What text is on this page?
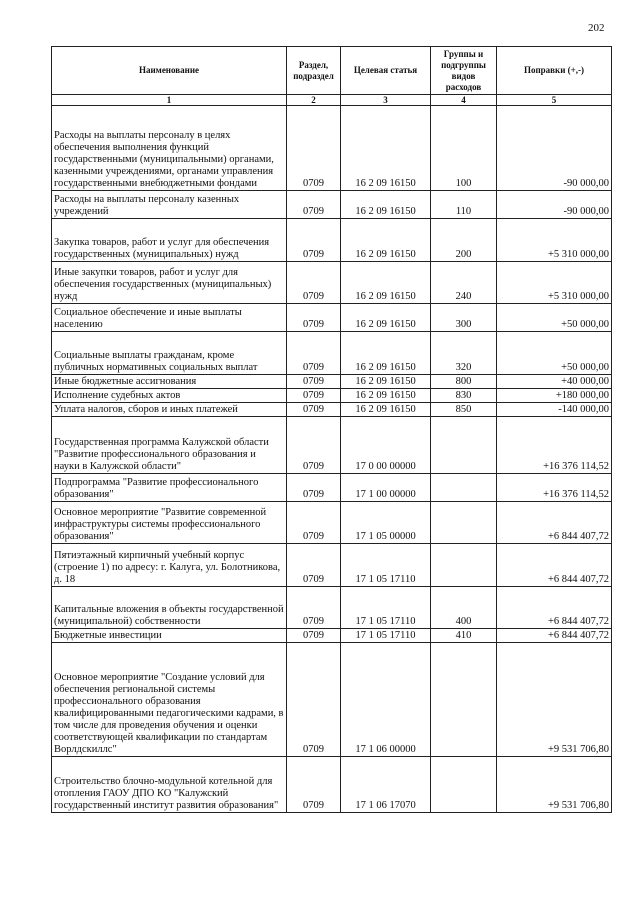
202
Наименование	Раздел, подраздел	Целевая статья	Группы и подгруппы видов расходов	Поправки (+,-)
1	2	3	4	5
Расходы на выплаты персоналу в целях обеспечения выполнения функций государственными (муниципальными) органами, казенными учреждениями, органами управления государственными внебюджетными фондами	0709	16 2 09 16150	100	-90 000,00
Расходы на выплаты персоналу казенных учреждений	0709	16 2 09 16150	110	-90 000,00
Закупка товаров, работ и услуг для обеспечения государственных (муниципальных) нужд	0709	16 2 09 16150	200	+5 310 000,00
Иные закупки товаров, работ и услуг для обеспечения государственных (муниципальных) нужд	0709	16 2 09 16150	240	+5 310 000,00
Социальное обеспечение и иные выплаты населению	0709	16 2 09 16150	300	+50 000,00
Социальные выплаты гражданам, кроме публичных нормативных социальных выплат	0709	16 2 09 16150	320	+50 000,00
Иные бюджетные ассигнования	0709	16 2 09 16150	800	+40 000,00
Исполнение судебных актов	0709	16 2 09 16150	830	+180 000,00
Уплата налогов, сборов и иных платежей	0709	16 2 09 16150	850	-140 000,00
Государственная программа Калужской области "Развитие профессионального образования и науки в Калужской области"	0709	17 0 00 00000		+16 376 114,52
Подпрограмма "Развитие профессионального образования"	0709	17 1 00 00000		+16 376 114,52
Основное мероприятие "Развитие современной инфраструктуры системы профессионального образования"	0709	17 1 05 00000		+6 844 407,72
Пятиэтажный кирпичный учебный корпус (строение 1) по адресу: г. Калуга, ул. Болотникова, д. 18	0709	17 1 05 17110		+6 844 407,72
Капитальные вложения в объекты государственной (муниципальной) собственности	0709	17 1 05 17110	400	+6 844 407,72
Бюджетные инвестиции	0709	17 1 05 17110	410	+6 844 407,72
Основное мероприятие "Создание условий для обеспечения региональной системы профессионального образования квалифицированными педагогическими кадрами, в том числе для проведения обучения и оценки соответствующей квалификации по стандартам Ворлдскиллс"	0709	17 1 06 00000		+9 531 706,80
Строительство блочно-модульной котельной для отопления ГАОУ ДПО КО "Калужский государственный институт развития образования"	0709	17 1 06 17070		+9 531 706,80
